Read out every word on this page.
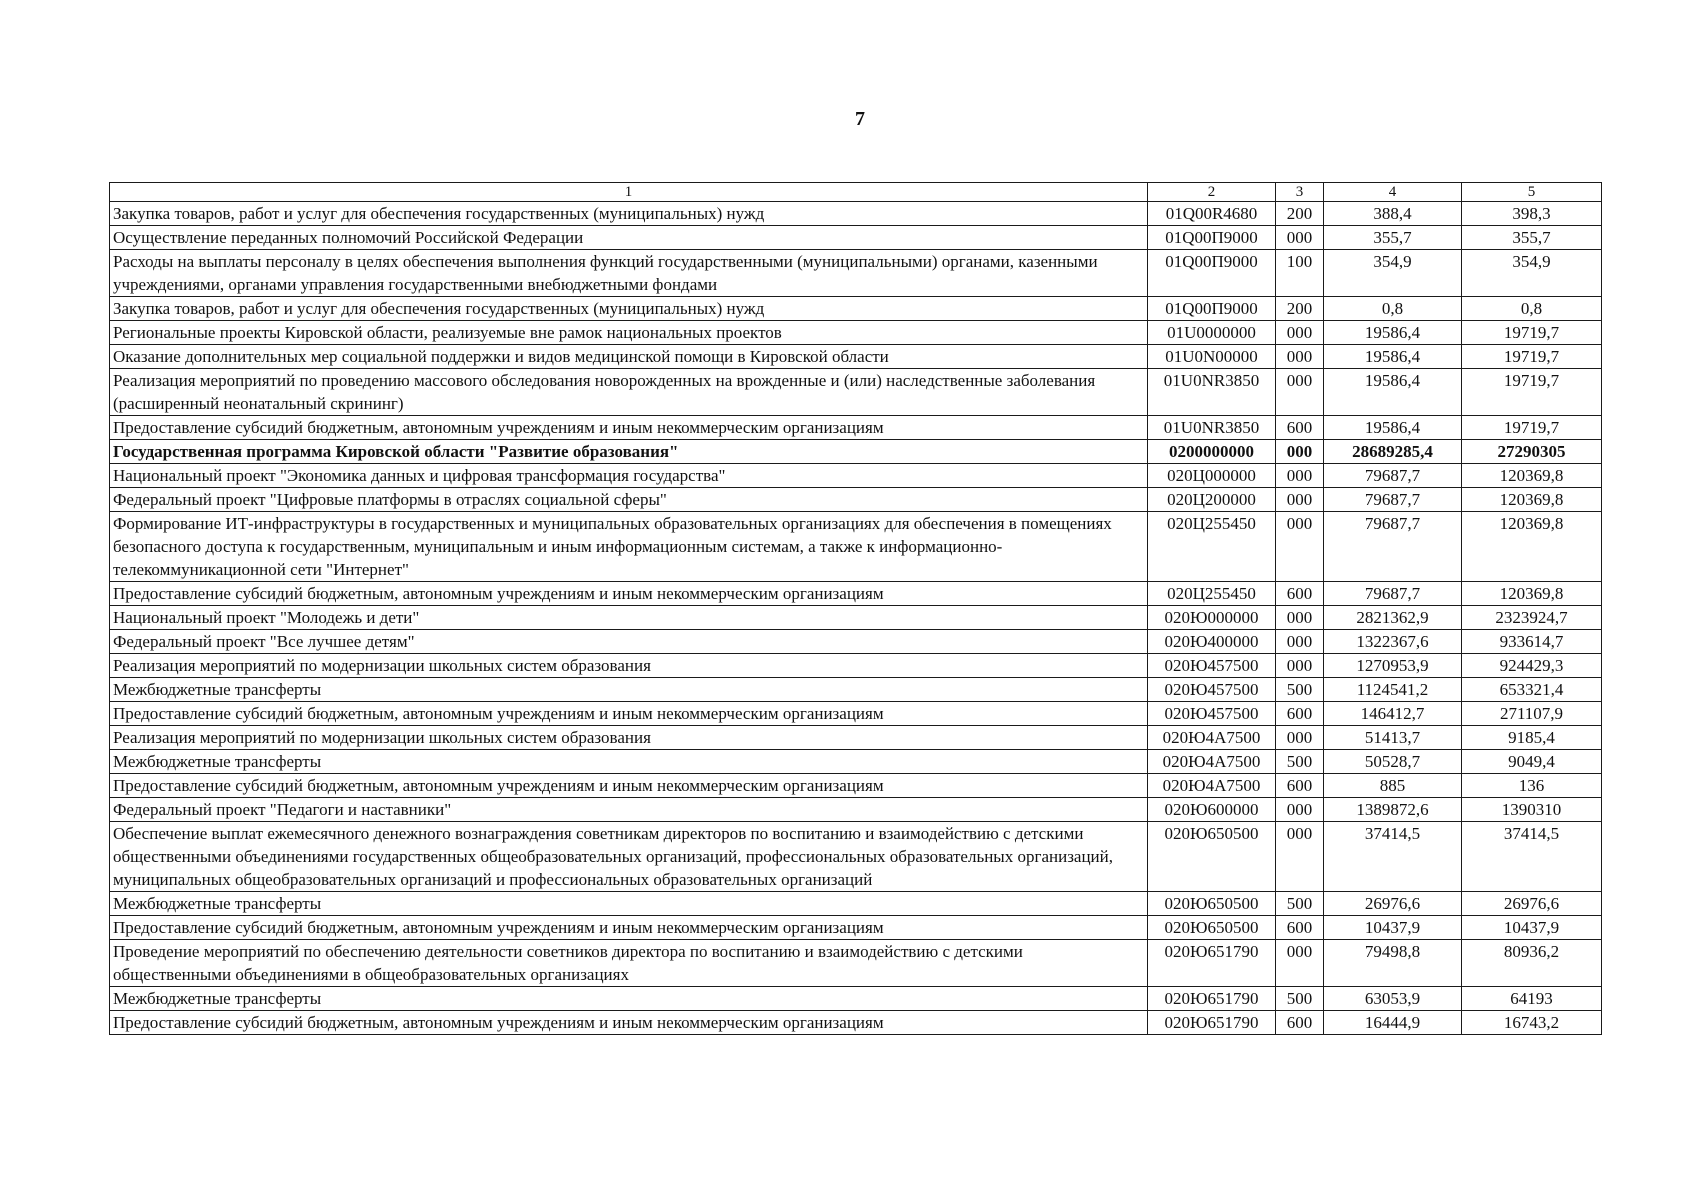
7
1	2	3	4	5
Закупка товаров, работ и услуг для обеспечения государственных (муниципальных) нужд	01Q00R4680	200	388,4	398,3
Осуществление переданных полномочий Российской Федерации	01Q00П9000	000	355,7	355,7
Расходы на выплаты персоналу в целях обеспечения выполнения функций государственными (муниципальными) органами, казенными учреждениями, органами управления государственными внебюджетными фондами	01Q00П9000	100	354,9	354,9
Закупка товаров, работ и услуг для обеспечения государственных (муниципальных) нужд	01Q00П9000	200	0,8	0,8
Региональные проекты Кировской области, реализуемые вне рамок национальных проектов	01U0000000	000	19586,4	19719,7
Оказание дополнительных мер социальной поддержки и видов медицинской помощи в Кировской области	01U0N00000	000	19586,4	19719,7
Реализация мероприятий по проведению массового обследования новорожденных на врожденные и (или) наследственные заболевания (расширенный неонатальный скрининг)	01U0NR3850	000	19586,4	19719,7
Предоставление субсидий бюджетным, автономным учреждениям и иным некоммерческим организациям	01U0NR3850	600	19586,4	19719,7
Государственная программа Кировской области "Развитие образования"	0200000000	000	28689285,4	27290305
Национальный проект "Экономика данных и цифровая трансформация государства"	020Ц000000	000	79687,7	120369,8
Федеральный проект "Цифровые платформы в отраслях социальной сферы"	020Ц200000	000	79687,7	120369,8
Формирование ИТ-инфраструктуры в государственных и муниципальных образовательных организациях для обеспечения в помещениях безопасного доступа к государственным, муниципальным и иным информационным системам, а также к информационно-телекоммуникационной сети "Интернет"	020Ц255450	000	79687,7	120369,8
Предоставление субсидий бюджетным, автономным учреждениям и иным некоммерческим организациям	020Ц255450	600	79687,7	120369,8
Национальный проект "Молодежь и дети"	020Ю000000	000	2821362,9	2323924,7
Федеральный проект "Все лучшее детям"	020Ю400000	000	1322367,6	933614,7
Реализация мероприятий по модернизации школьных систем образования	020Ю457500	000	1270953,9	924429,3
Межбюджетные трансферты	020Ю457500	500	1124541,2	653321,4
Предоставление субсидий бюджетным, автономным учреждениям и иным некоммерческим организациям	020Ю457500	600	146412,7	271107,9
Реализация мероприятий по модернизации школьных систем образования	020Ю4А7500	000	51413,7	9185,4
Межбюджетные трансферты	020Ю4А7500	500	50528,7	9049,4
Предоставление субсидий бюджетным, автономным учреждениям и иным некоммерческим организациям	020Ю4А7500	600	885	136
Федеральный проект "Педагоги и наставники"	020Ю600000	000	1389872,6	1390310
Обеспечение выплат ежемесячного денежного вознаграждения советникам директоров по воспитанию и взаимодействию с детскими общественными объединениями государственных общеобразовательных организаций, профессиональных образовательных организаций, муниципальных общеобразовательных организаций и профессиональных образовательных организаций	020Ю650500	000	37414,5	37414,5
Межбюджетные трансферты	020Ю650500	500	26976,6	26976,6
Предоставление субсидий бюджетным, автономным учреждениям и иным некоммерческим организациям	020Ю650500	600	10437,9	10437,9
Проведение мероприятий по обеспечению деятельности советников директора по воспитанию и взаимодействию с детскими общественными объединениями в общеобразовательных организациях	020Ю651790	000	79498,8	80936,2
Межбюджетные трансферты	020Ю651790	500	63053,9	64193
Предоставление субсидий бюджетным, автономным учреждениям и иным некоммерческим организациям	020Ю651790	600	16444,9	16743,2
